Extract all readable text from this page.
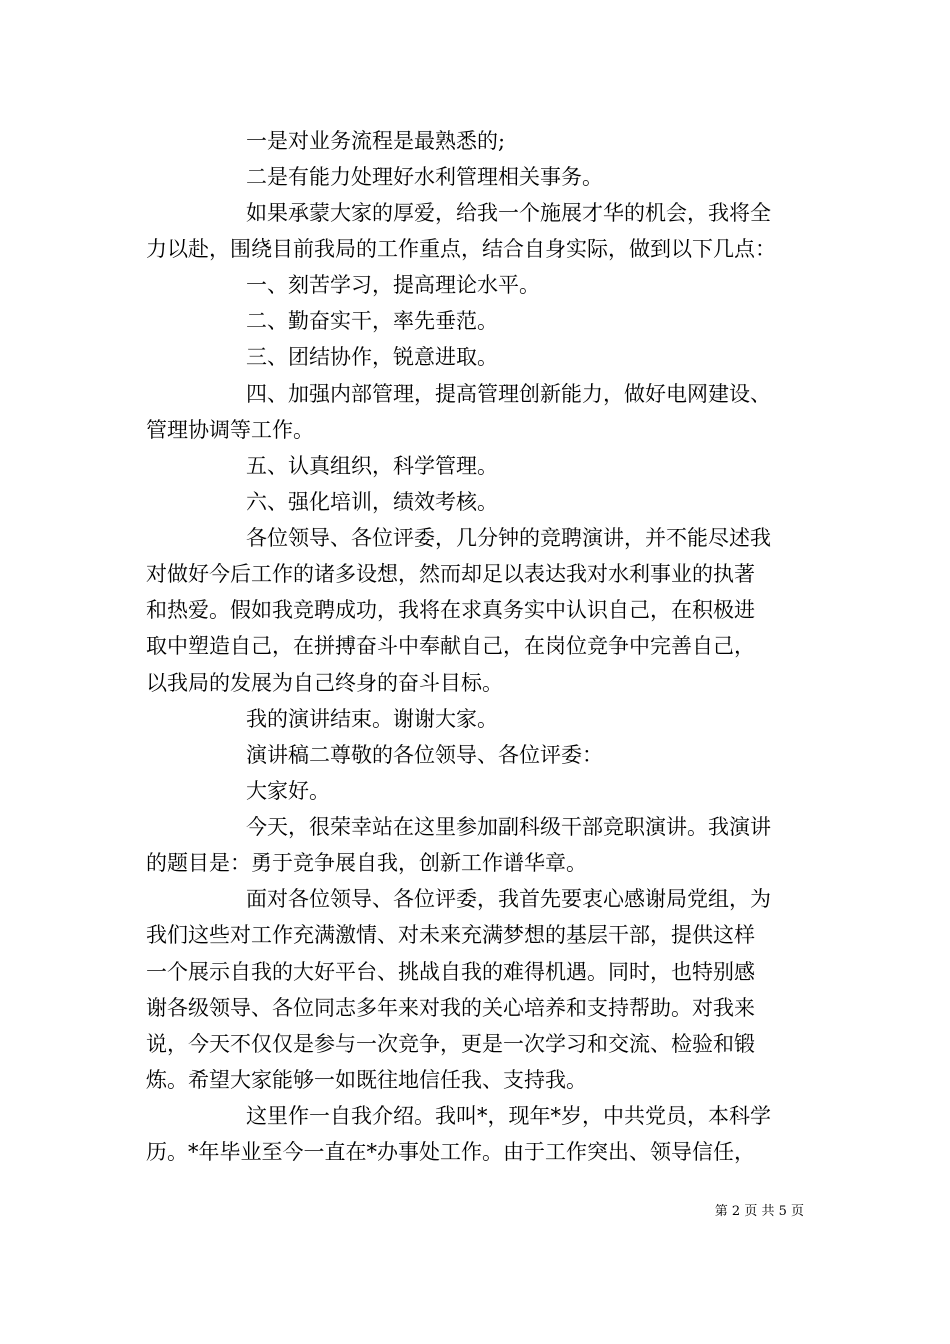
一是对业务流程是最熟悉的;
二是有能力处理好水利管理相关事务。
如果承蒙大家的厚爱，给我一个施展才华的机会，我将全
力以赴，围绕目前我局的工作重点，结合自身实际，做到以下几点：
一、刻苦学习，提高理论水平。
二、勤奋实干，率先垂范。
三、团结协作，锐意进取。
四、加强内部管理，提高管理创新能力，做好电网建设、
管理协调等工作。
五、认真组织，科学管理。
六、强化培训，绩效考核。
各位领导、各位评委，几分钟的竞聘演讲，并不能尽述我
对做好今后工作的诸多设想，然而却足以表达我对水利事业的执著
和热爱。假如我竞聘成功，我将在求真务实中认识自己，在积极进
取中塑造自己，在拼搏奋斗中奉献自己，在岗位竞争中完善自己，
以我局的发展为自己终身的奋斗目标。
我的演讲结束。谢谢大家。
演讲稿二尊敬的各位领导、各位评委：
大家好。
今天，很荣幸站在这里参加副科级干部竞职演讲。我演讲
的题目是：勇于竞争展自我，创新工作谱华章。
面对各位领导、各位评委，我首先要衷心感谢局党组，为
我们这些对工作充满激情、对未来充满梦想的基层干部，提供这样
一个展示自我的大好平台、挑战自我的难得机遇。同时，也特别感
谢各级领导、各位同志多年来对我的关心培养和支持帮助。对我来
说，今天不仅仅是参与一次竞争，更是一次学习和交流、检验和锻
炼。希望大家能够一如既往地信任我、支持我。
这里作一自我介绍。我叫*，现年*岁，中共党员，本科学
历。*年毕业至今一直在*办事处工作。由于工作突出、领导信任，
第 2 页 共 5 页
